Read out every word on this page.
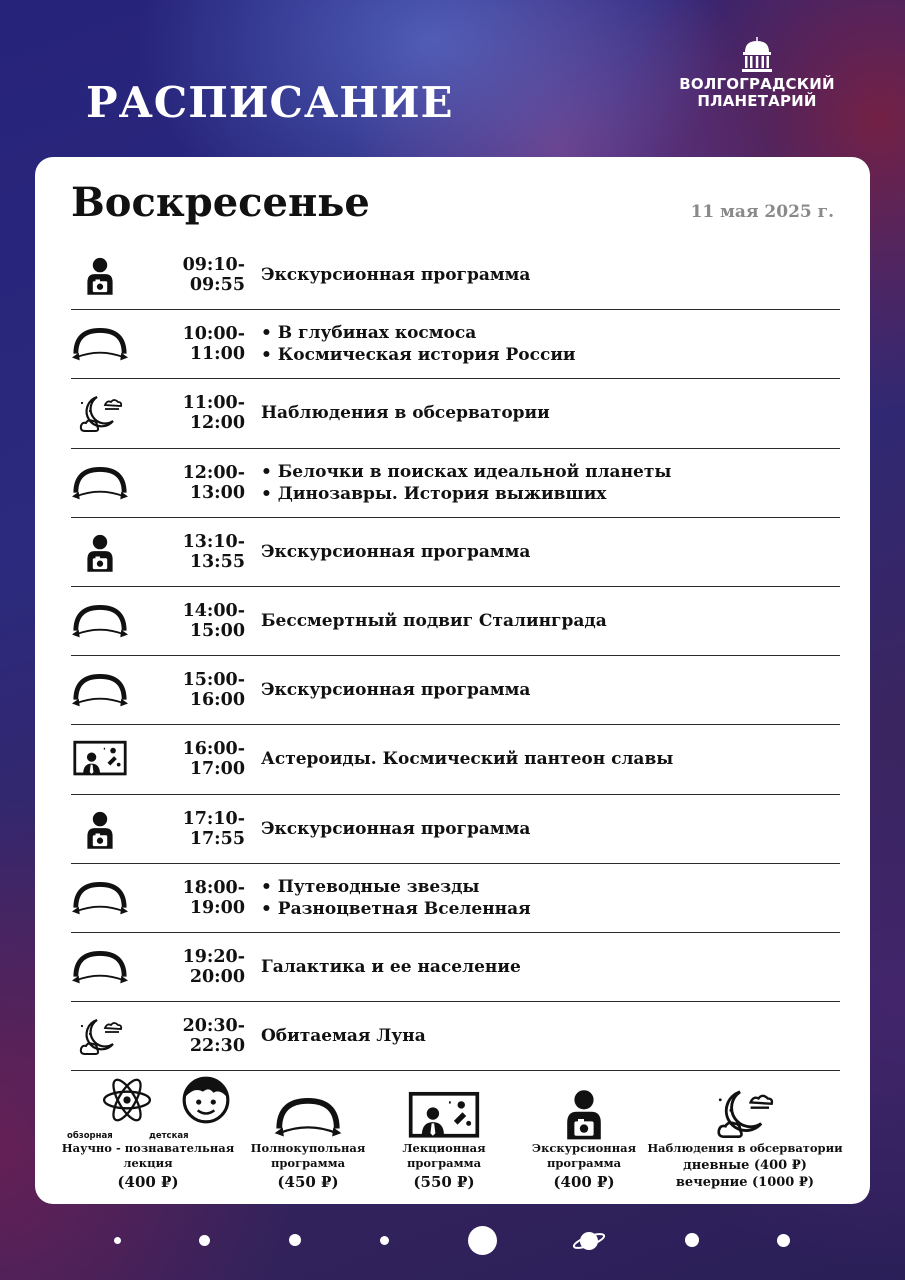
РАСПИСАНИЕ	ВОЛГОГРАДСКИЙ
ПЛАНЕТАРИЙ
Воскресенье	11 мая 2025 г.
09:10-09:55 Экскурсионная программа
10:00-11:00
• В глубинах космоса
• Космическая история России
11:00-12:00 Наблюдения в обсерватории
12:00-13:00
• Белочки в поисках идеальной планеты
• Динозавры. История выживших
13:10-13:55 Экскурсионная программа
14:00-15:00 Бессмертный подвиг Сталинграда
15:00-16:00 Экскурсионная программа
16:00-17:00 Астероиды. Космический пантеон славы
17:10-17:55 Экскурсионная программа
18:00-19:00
• Путеводные звезды
• Разноцветная Вселенная
19:20-20:00 Галактика и ее население
20:30-22:30 Обитаемая Луна
обзорная	детская
Научно - познавательная
лекция
(400 ₽)
Полнокупольная
программа
(450 ₽)
Лекционная
программа
(550 ₽)
Экскурсионная
программа
(400 ₽)
Наблюдения в обсерватории
дневные (400 ₽)
вечерние (1000 ₽)
